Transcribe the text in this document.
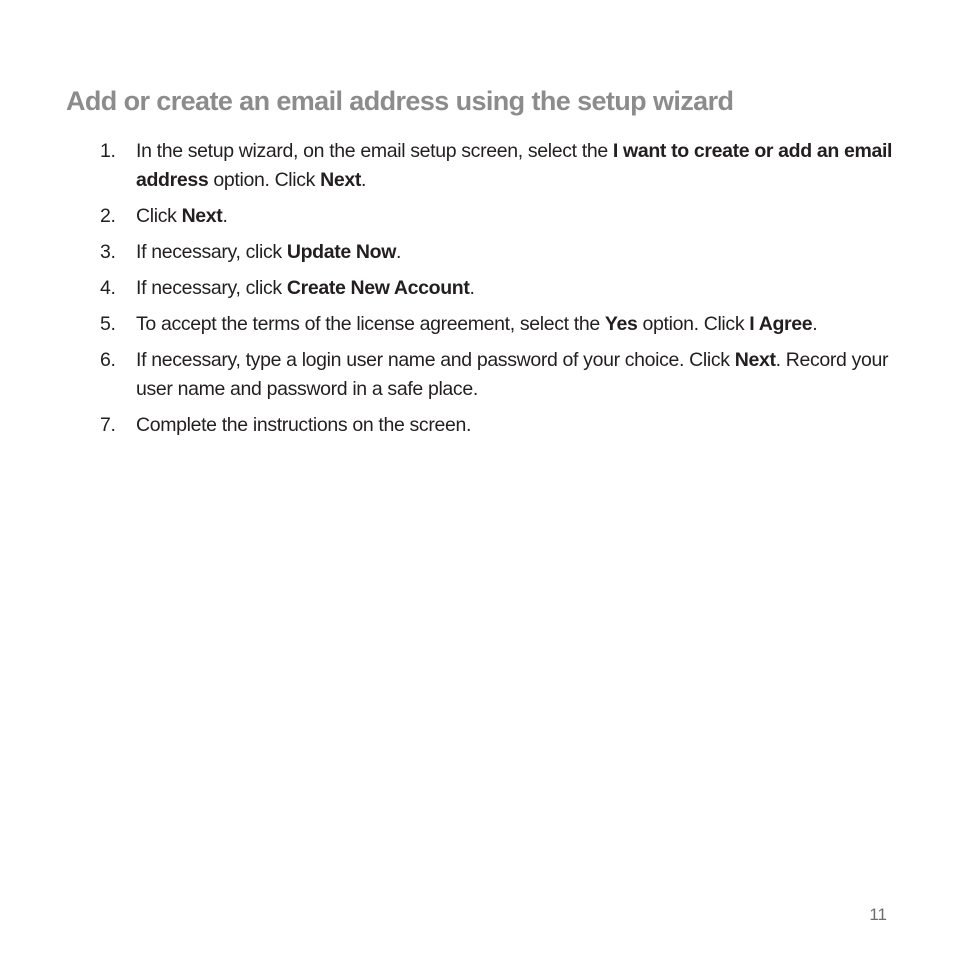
Add or create an email address using the setup wizard
1.	In the setup wizard, on the email setup screen, select the I want to create or add an email address option. Click Next.
2.	Click Next.
3.	If necessary, click Update Now.
4.	If necessary, click Create New Account.
5.	To accept the terms of the license agreement, select the Yes option. Click I Agree.
6.	If necessary, type a login user name and password of your choice. Click Next. Record your user name and password in a safe place.
7.	Complete the instructions on the screen.
11
